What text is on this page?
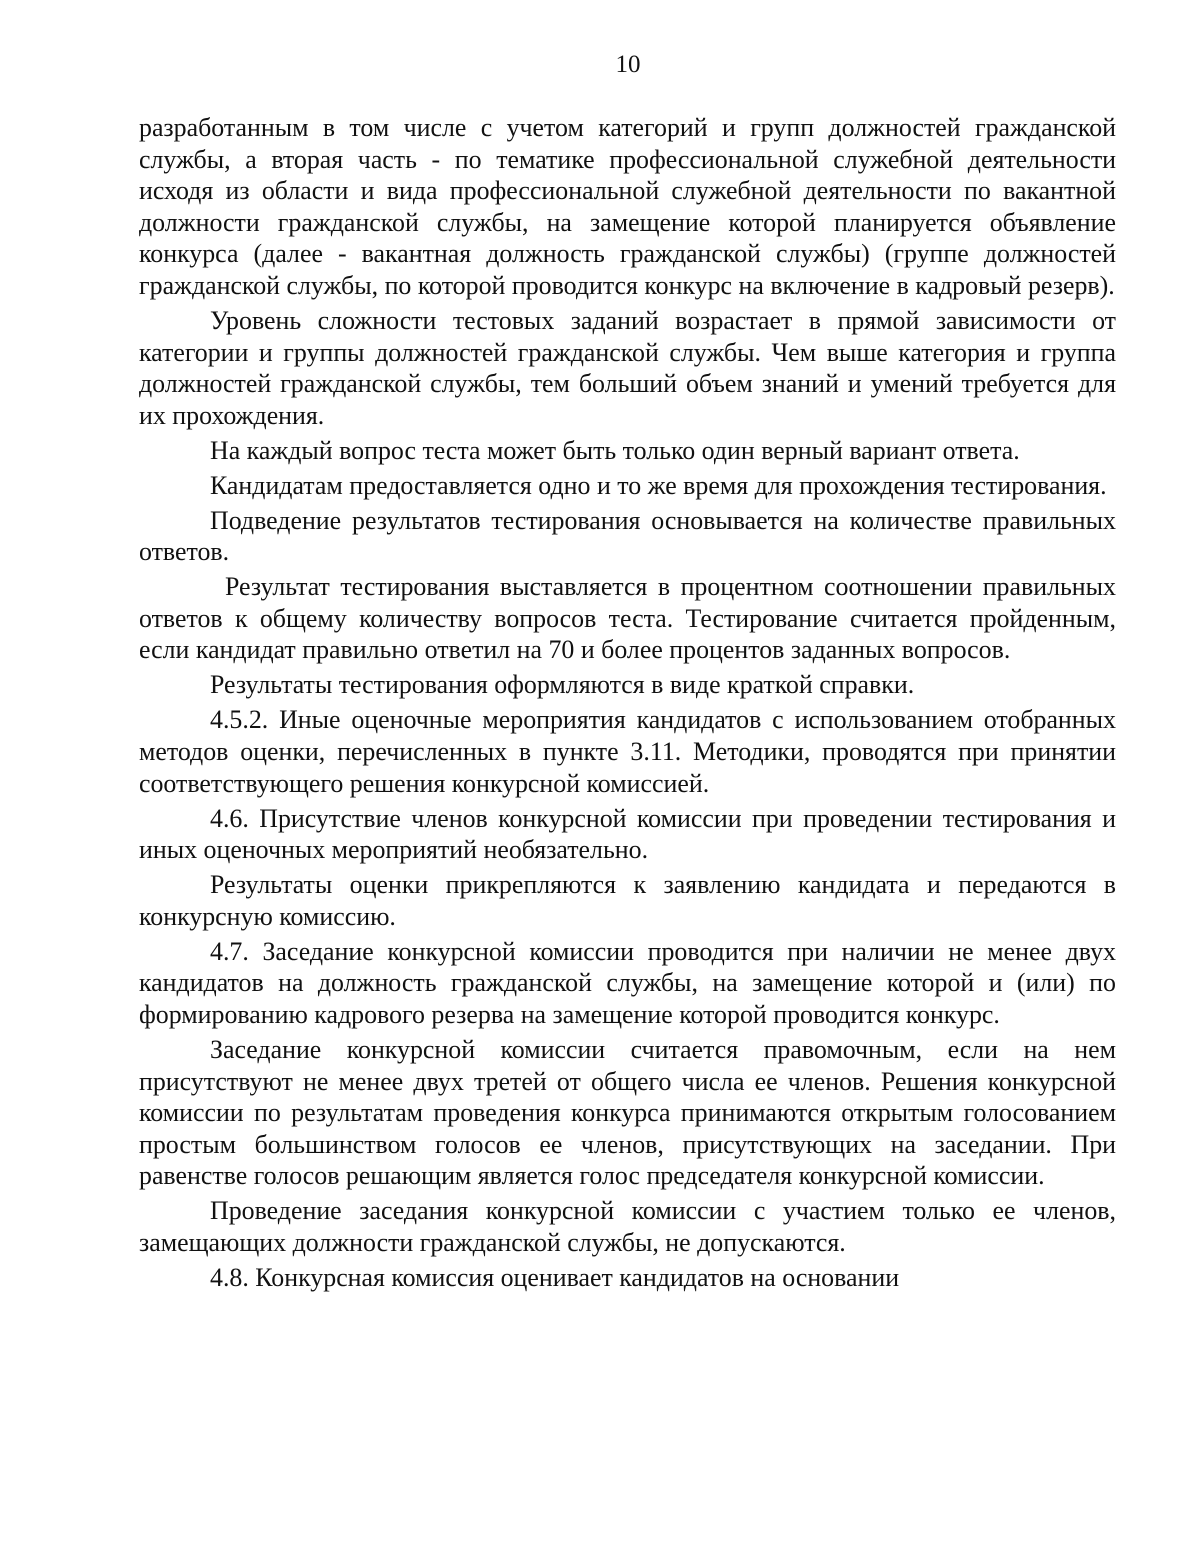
10

разработанным в том числе с учетом категорий и групп должностей гражданской службы, а вторая часть - по тематике профессиональной служебной деятельности исходя из области и вида профессиональной служебной деятельности по вакантной должности гражданской службы, на замещение которой планируется объявление конкурса (далее - вакантная должность гражданской службы) (группе должностей гражданской службы, по которой проводится конкурс на включение в кадровый резерв).

Уровень сложности тестовых заданий возрастает в прямой зависимости от категории и группы должностей гражданской службы. Чем выше категория и группа должностей гражданской службы, тем больший объем знаний и умений требуется для их прохождения.

На каждый вопрос теста может быть только один верный вариант ответа.

Кандидатам предоставляется одно и то же время для прохождения тестирования.

Подведение результатов тестирования основывается на количестве правильных ответов.

Результат тестирования выставляется в процентном соотношении правильных ответов к общему количеству вопросов теста. Тестирование считается пройденным, если кандидат правильно ответил на 70 и более процентов заданных вопросов.

Результаты тестирования оформляются в виде краткой справки.

4.5.2. Иные оценочные мероприятия кандидатов с использованием отобранных методов оценки, перечисленных в пункте 3.11. Методики, проводятся при принятии соответствующего решения конкурсной комиссией.

4.6. Присутствие членов конкурсной комиссии при проведении тестирования и иных оценочных мероприятий необязательно.

Результаты оценки прикрепляются к заявлению кандидата и передаются в конкурсную комиссию.

4.7. Заседание конкурсной комиссии проводится при наличии не менее двух кандидатов на должность гражданской службы, на замещение которой и (или) по формированию кадрового резерва на замещение которой проводится конкурс.

Заседание конкурсной комиссии считается правомочным, если на нем присутствуют не менее двух третей от общего числа ее членов. Решения конкурсной комиссии по результатам проведения конкурса принимаются открытым голосованием простым большинством голосов ее членов, присутствующих на заседании. При равенстве голосов решающим является голос председателя конкурсной комиссии.

Проведение заседания конкурсной комиссии с участием только ее членов, замещающих должности гражданской службы, не допускаются.

4.8. Конкурсная комиссия оценивает кандидатов на основании
